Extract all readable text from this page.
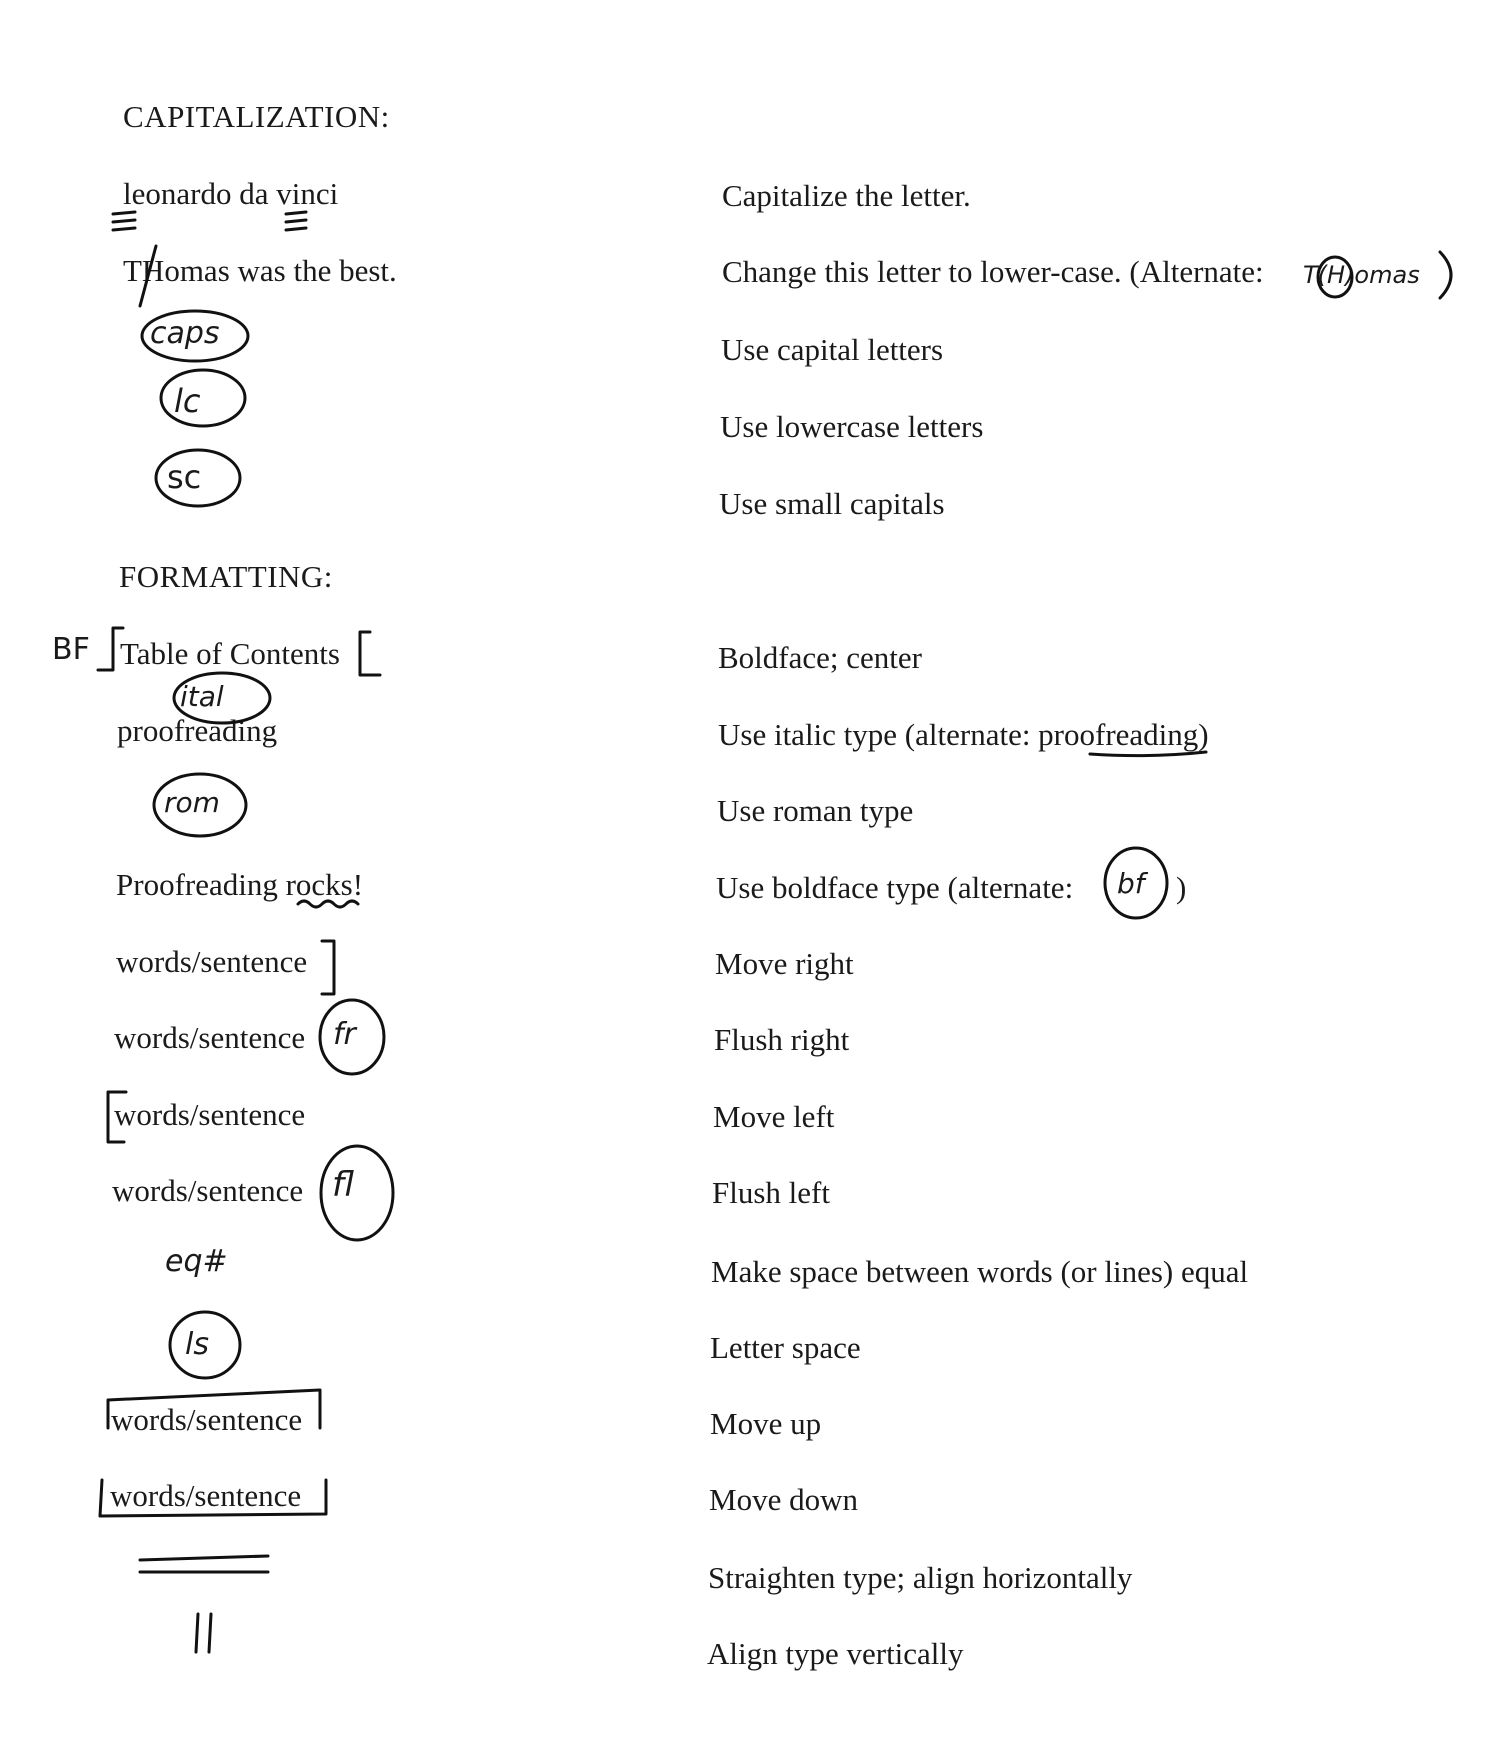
CAPITALIZATION:
FORMATTING:
leonardo da vinci
THomas was the best.
caps
lc
sc
Capitalize the letter.
Change this letter to lower-case. (Alternate: T(H)omas
Use capital letters
Use lowercase letters
Use small capitals
BF Table of Contents
ital
proofreading
rom
Proofreading rocks!
words/sentence
words/sentence fr
words/sentence
words/sentence fl
eq#
ls
words/sentence
words/sentence
Boldface; center
Use italic type (alternate: proofreading)
Use roman type
Use boldface type (alternate: bf )
Move right
Flush right
Move left
Flush left
Make space between words (or lines) equal
Letter space
Move up
Move down
Straighten type; align horizontally
Align type vertically
